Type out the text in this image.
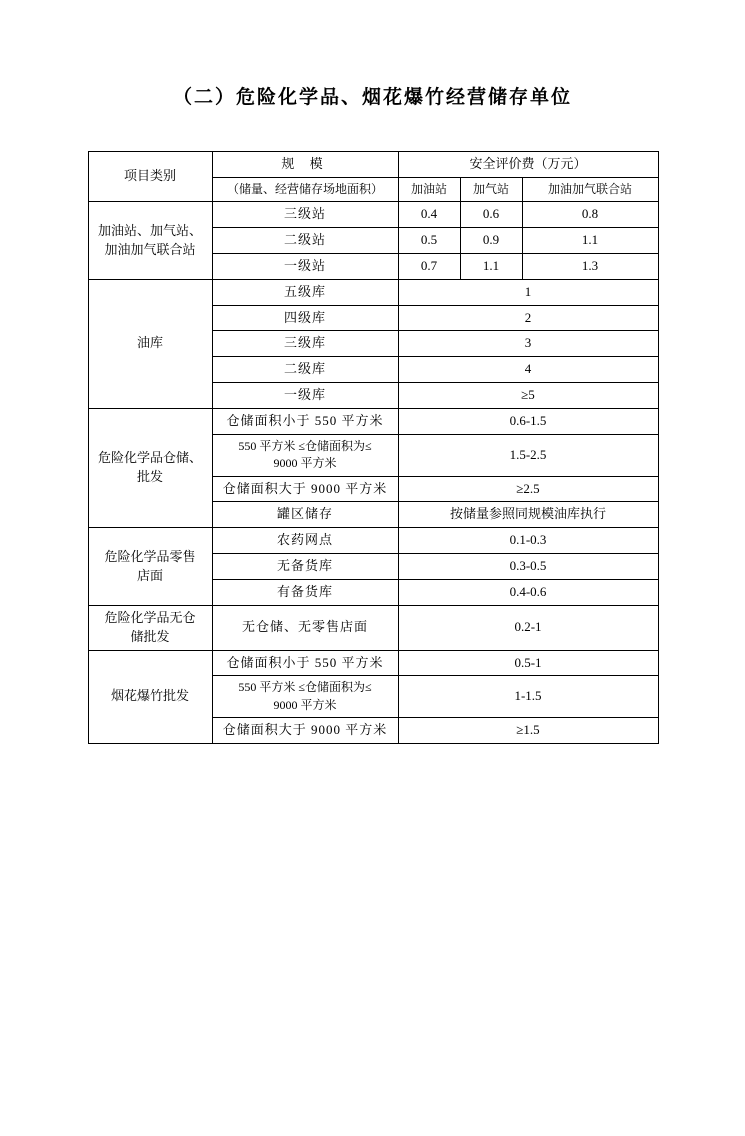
（二）危险化学品、烟花爆竹经营储存单位
项目类别	规 模	安全评价费（万元）		
	（储量、经营储存场地面积）	加油站	加气站	加油加气联合站
加油站、加气站、
加油加气联合站	三级站	0.4	0.6	0.8
	二级站	0.5	0.9	1.1
	一级站	0.7	1.1	1.3
油库	五级库	1		
	四级库	2		
	三级库	3		
	二级库	4		
	一级库	≥5		
危险化学品仓储、
批发	仓储面积小于 550 平方米	0.6-1.5		
	550 平方米 ≤仓储面积为≤
9000 平方米	1.5-2.5		
	仓储面积大于 9000 平方米	≥2.5		
	罐区储存	按储量参照同规模油库执行		
危险化学品零售
店面	农药网点	0.1-0.3		
	无备货库	0.3-0.5		
	有备货库	0.4-0.6		
危险化学品无仓
储批发	无仓储、无零售店面	0.2-1		
烟花爆竹批发	仓储面积小于 550 平方米	0.5-1		
	550 平方米 ≤仓储面积为≤
9000 平方米	1-1.5		
	仓储面积大于 9000 平方米	≥1.5		
